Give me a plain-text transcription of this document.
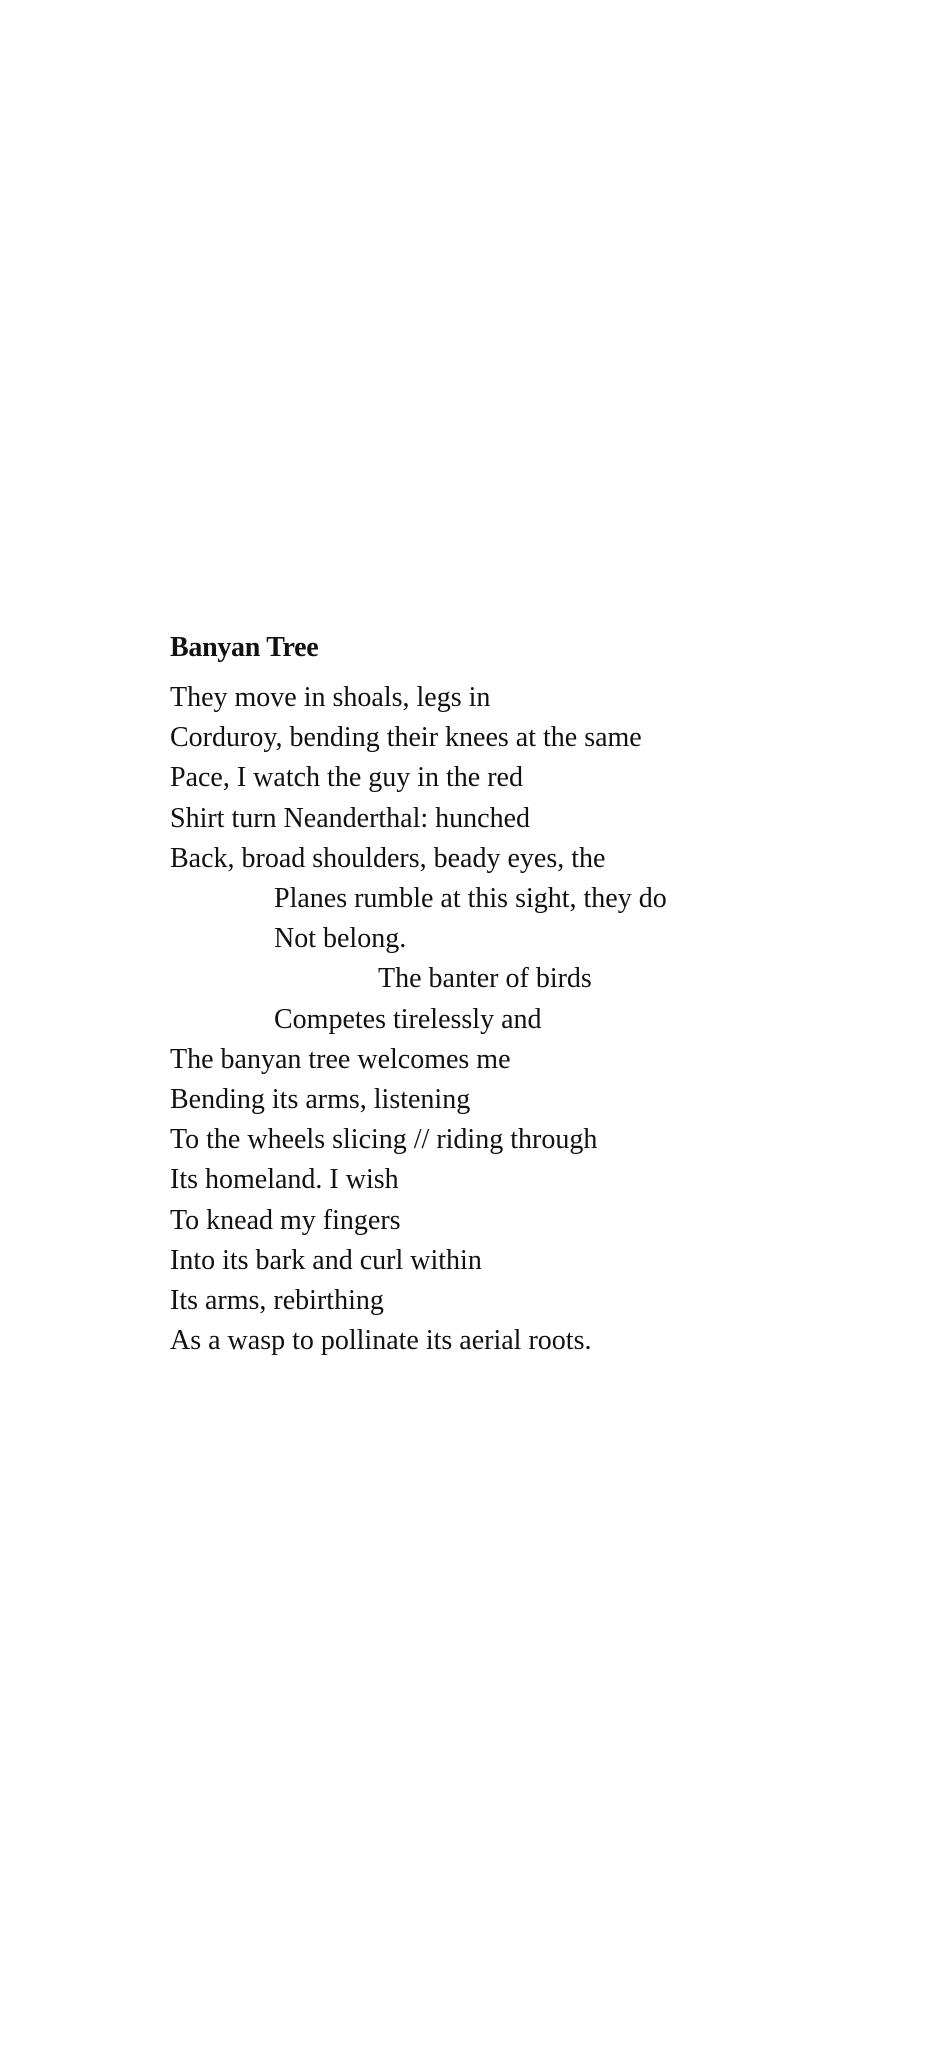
Banyan Tree
They move in shoals, legs in
Corduroy, bending their knees at the same
Pace, I watch the guy in the red
Shirt turn Neanderthal: hunched
Back, broad shoulders, beady eyes, the
Planes rumble at this sight, they do
Not belong.
The banter of birds
Competes tirelessly and
The banyan tree welcomes me
Bending its arms, listening
To the wheels slicing // riding through
Its homeland. I wish
To knead my fingers
Into its bark and curl within
Its arms, rebirthing
As a wasp to pollinate its aerial roots.
